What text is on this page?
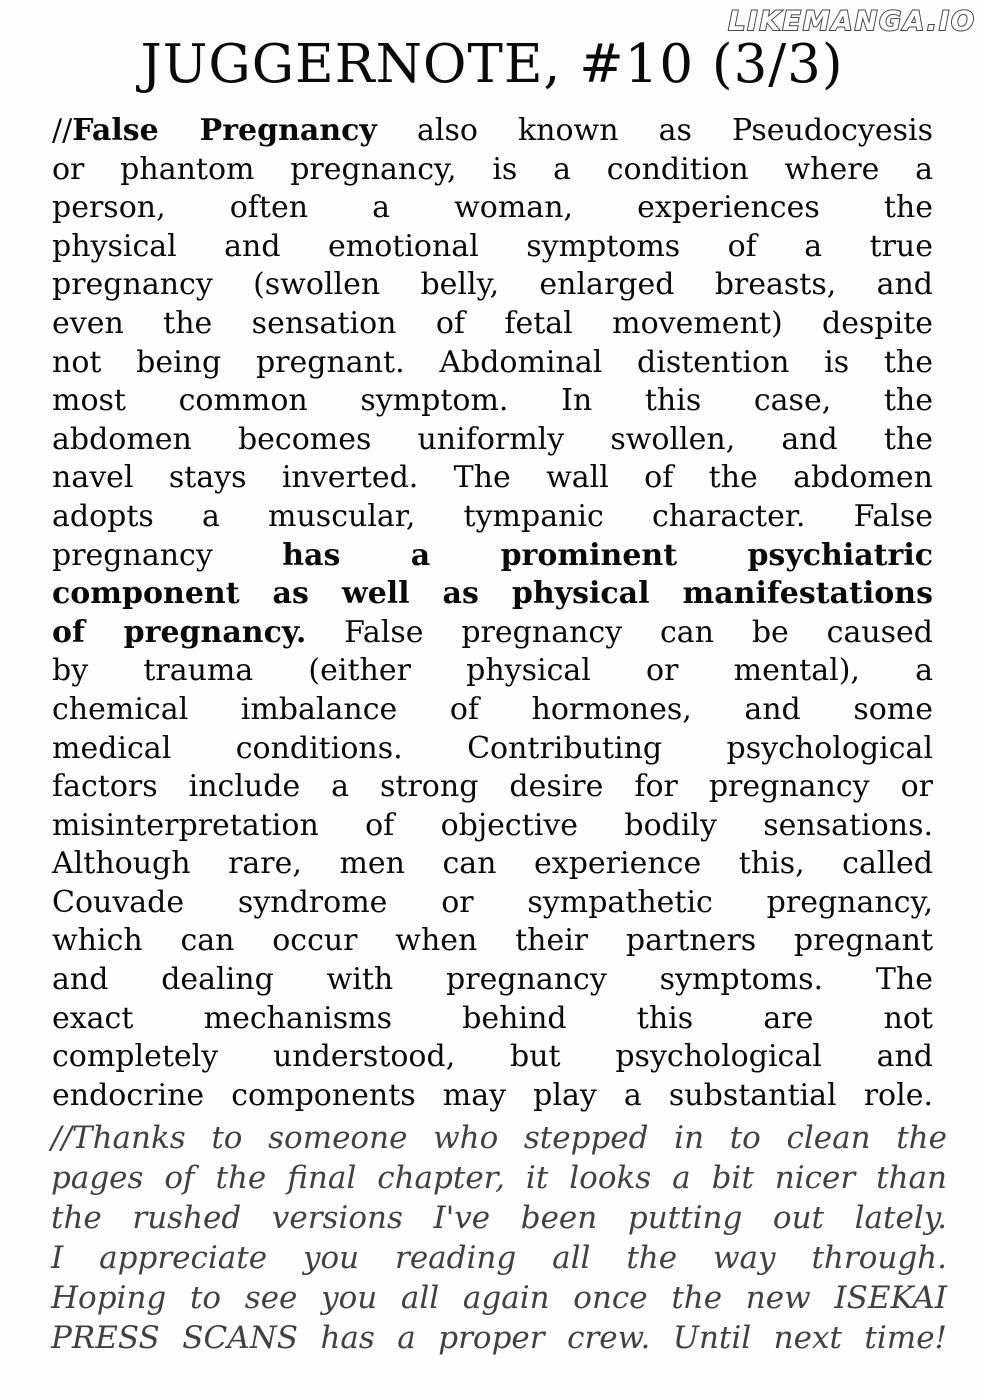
LIKEMANGA.IO
JUGGERNOTE, #10 (3/3)
//False Pregnancy also known as Pseudocyesis
or phantom pregnancy, is a condition where a
person, often a woman, experiences the
physical and emotional symptoms of a true
pregnancy (swollen belly, enlarged breasts, and
even the sensation of fetal movement) despite
not being pregnant. Abdominal distention is the
most common symptom. In this case, the
abdomen becomes uniformly swollen, and the
navel stays inverted. The wall of the abdomen
adopts a muscular, tympanic character. False
pregnancy has a prominent psychiatric
component as well as physical manifestations
of pregnancy. False pregnancy can be caused
by trauma (either physical or mental), a
chemical imbalance of hormones, and some
medical conditions. Contributing psychological
factors include a strong desire for pregnancy or
misinterpretation of objective bodily sensations.
Although rare, men can experience this, called
Couvade syndrome or sympathetic pregnancy,
which can occur when their partners pregnant
and dealing with pregnancy symptoms. The
exact mechanisms behind this are not
completely understood, but psychological and
endocrine components may play a substantial role.
//Thanks to someone who stepped in to clean the
pages of the final chapter, it looks a bit nicer than
the rushed versions I've been putting out lately.
I appreciate you reading all the way through.
Hoping to see you all again once the new ISEKAI
PRESS SCANS has a proper crew. Until next time!
